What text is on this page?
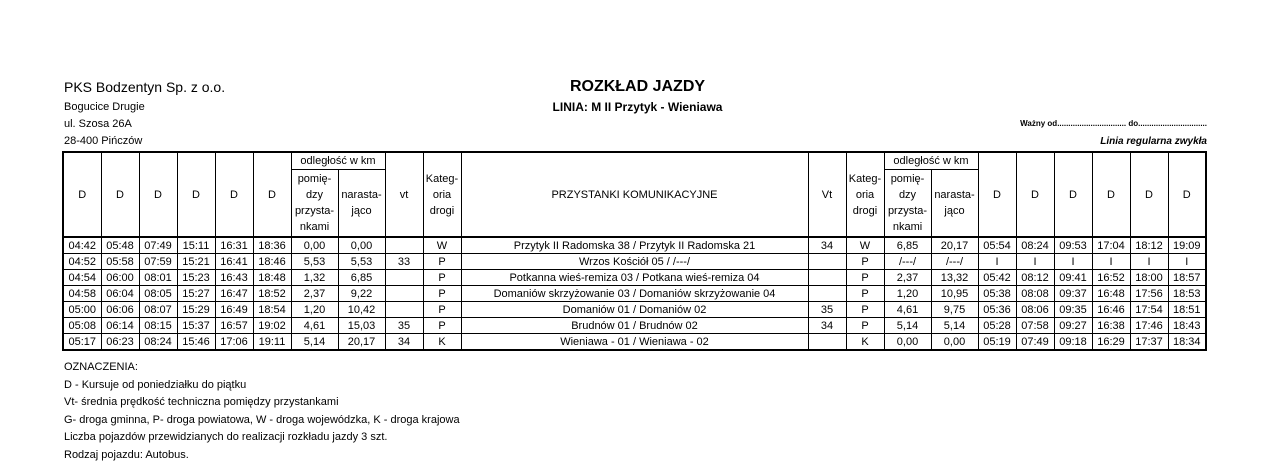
PKS Bodzentyn Sp. z o.o.
Bogucice Drugie
ul. Szosa 26A
28-400 Pińczów
ROZKŁAD JAZDY
LINIA: M II Przytyk - Wieniawa
Ważny od............................... do...............................
Linia regularna zwykła
D	D	D	D	D	D	odległość w km		vt	Kateg-
oria
drogi	PRZYSTANKI KOMUNIKACYJNE	Vt	Kateg-
oria
drogi	odległość w km		D	D	D	D	D	D
						pomię-
dzy
przysta-
nkami	narasta-
jąco						pomię-
dzy
przysta-
nkami	narasta-
jąco						
04:42	05:48	07:49	15:11	16:31	18:36	0,00	0,00		W	Przytyk II Radomska 38 / Przytyk II Radomska 21	34	W	6,85	20,17	05:54	08:24	09:53	17:04	18:12	19:09
04:52	05:58	07:59	15:21	16:41	18:46	5,53	5,53	33	P	Wrzos Kościół 05 / /---/		P	/---/	/---/	I	I	I	I	I	I
04:54	06:00	08:01	15:23	16:43	18:48	1,32	6,85		P	Potkanna wieś-remiza 03 / Potkana wieś-remiza 04		P	2,37	13,32	05:42	08:12	09:41	16:52	18:00	18:57
04:58	06:04	08:05	15:27	16:47	18:52	2,37	9,22		P	Domaniów skrzyżowanie 03 / Domaniów skrzyżowanie 04		P	1,20	10,95	05:38	08:08	09:37	16:48	17:56	18:53
05:00	06:06	08:07	15:29	16:49	18:54	1,20	10,42		P	Domaniów 01 / Domaniów 02	35	P	4,61	9,75	05:36	08:06	09:35	16:46	17:54	18:51
05:08	06:14	08:15	15:37	16:57	19:02	4,61	15,03	35	P	Brudnów 01 / Brudnów 02	34	P	5,14	5,14	05:28	07:58	09:27	16:38	17:46	18:43
05:17	06:23	08:24	15:46	17:06	19:11	5,14	20,17	34	K	Wieniawa - 01 / Wieniawa - 02		K	0,00	0,00	05:19	07:49	09:18	16:29	17:37	18:34
OZNACZENIA:
D - Kursuje od poniedziałku do piątku
Vt- średnia prędkość techniczna pomiędzy przystankami
G- droga gminna, P- droga powiatowa, W - droga wojewódzka, K - droga krajowa
Liczba pojazdów przewidzianych do realizacji rozkładu jazdy 3 szt.
Rodzaj pojazdu: Autobus.
